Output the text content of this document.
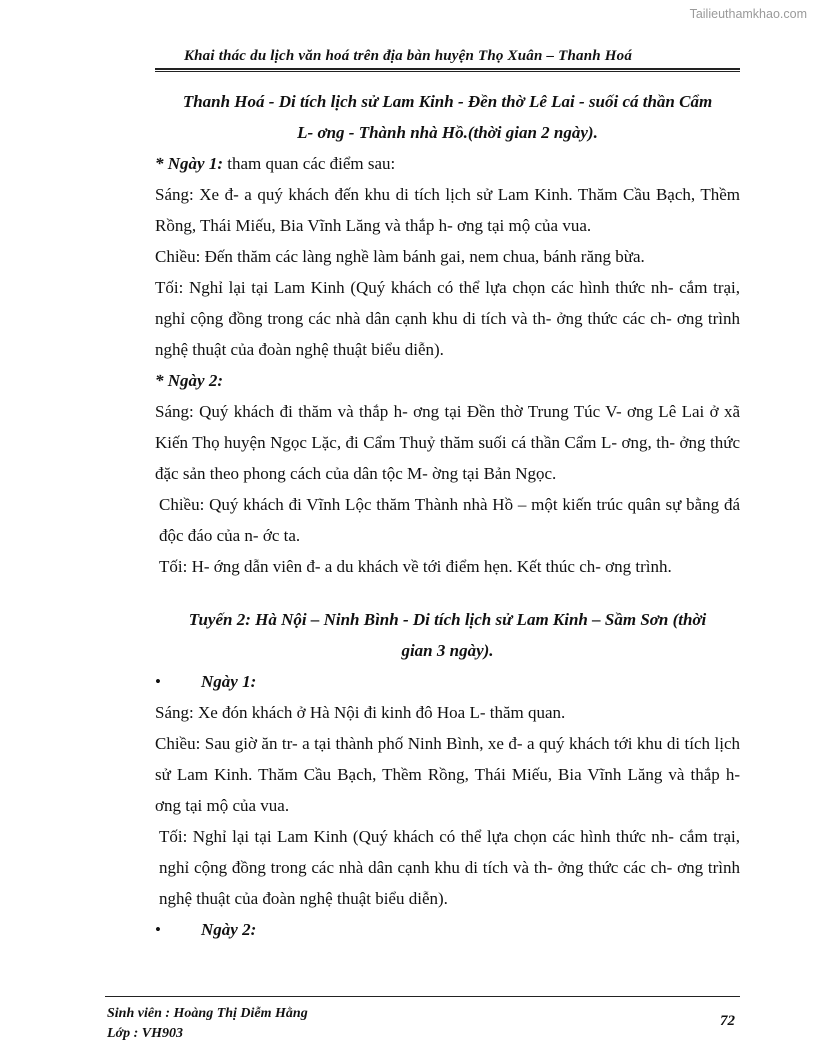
Tailieuthamkhao.com
Khai thác du lịch văn hoá trên địa bàn huyện Thọ Xuân – Thanh Hoá

Thanh Hoá - Di tích lịch sử Lam Kinh - Đền thờ Lê Lai - suối cá thần Cẩm

L- ơng - Thành nhà Hồ.(thời gian 2 ngày).

* Ngày 1: tham quan các điểm sau:

Sáng: Xe đ- a quý khách đến khu di tích lịch sử Lam Kinh. Thăm Cầu Bạch, Thềm Rồng, Thái Miếu, Bia Vĩnh Lăng và thắp h- ơng tại mộ của vua.

Chiều: Đến thăm các làng nghề làm bánh gai, nem chua, bánh răng bừa.

Tối: Nghỉ lại tại Lam Kinh (Quý khách có thể lựa chọn các hình thức nh- cắm trại, nghỉ cộng đồng trong các nhà dân cạnh khu di tích và th- ởng thức các ch- ơng trình nghệ thuật của đoàn nghệ thuật biểu diễn).

* Ngày 2:

Sáng: Quý khách đi thăm và thắp h- ơng tại Đền thờ Trung Túc V- ơng Lê Lai ở xã Kiến Thọ huyện Ngọc Lặc, đi Cẩm Thuỷ thăm suối cá thần Cẩm L- ơng, th- ởng thức đặc sản theo phong cách của dân tộc M- ờng tại Bản Ngọc.

Chiều: Quý khách đi Vĩnh Lộc thăm Thành nhà Hồ – một kiến trúc quân sự bằng đá độc đáo của n- ớc ta.

Tối: H- ớng dẫn viên đ- a du khách về tới điểm hẹn. Kết thúc ch- ơng trình.

Tuyến 2: Hà Nội – Ninh Bình - Di tích lịch sử Lam Kinh – Sầm Sơn (thời

gian 3 ngày).

• Ngày 1:

Sáng: Xe đón khách ở Hà Nội đi kinh đô Hoa L- thăm quan.

Chiều: Sau giờ ăn tr- a tại thành phố Ninh Bình, xe đ- a quý khách tới khu di tích lịch sử Lam Kinh. Thăm Cầu Bạch, Thềm Rồng, Thái Miếu, Bia Vĩnh Lăng và thắp h- ơng tại mộ của vua.

Tối: Nghỉ lại tại Lam Kinh (Quý khách có thể lựa chọn các hình thức nh- cắm trại, nghỉ cộng đồng trong các nhà dân cạnh khu di tích và th- ởng thức các ch- ơng trình nghệ thuật của đoàn nghệ thuật biểu diễn).

• Ngày 2:

Sinh viên : Hoàng Thị Diễm Hằng
Lớp : VH903
72
